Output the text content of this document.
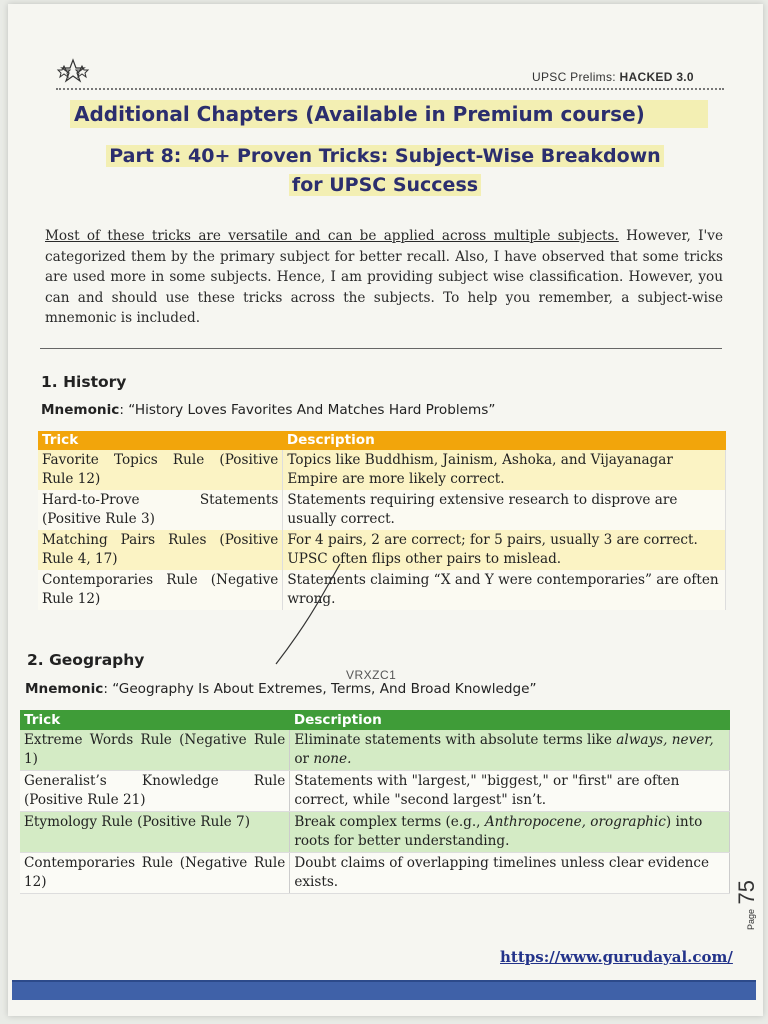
UPSC Prelims: HACKED 3.0
Additional Chapters (Available in Premium course)
Part 8: 40+ Proven Tricks: Subject-Wise Breakdown
for UPSC Success
Most of these tricks are versatile and can be applied across multiple subjects. However, I've categorized them by the primary subject for better recall. Also, I have observed that some tricks are used more in some subjects. Hence, I am providing subject wise classification. However, you can and should use these tricks across the subjects. To help you remember, a subject-wise mnemonic is included.
1. History
Mnemonic: “History Loves Favorites And Matches Hard Problems”
Trick	Description
Favorite Topics Rule (Positive Rule 12)	Topics like Buddhism, Jainism, Ashoka, and Vijayanagar Empire are more likely correct.
Hard-to-Prove Statements (Positive Rule 3)	Statements requiring extensive research to disprove are usually correct.
Matching Pairs Rules (Positive Rule 4, 17)	For 4 pairs, 2 are correct; for 5 pairs, usually 3 are correct. UPSC often flips other pairs to mislead.
Contemporaries Rule (Negative Rule 12)	Statements claiming “X and Y were contemporaries” are often wrong.
2. Geography
VRXZC1
Mnemonic: “Geography Is About Extremes, Terms, And Broad Knowledge”
Trick	Description
Extreme Words Rule (Negative Rule 1)	Eliminate statements with absolute terms like always, never, or none.
Generalist’s Knowledge Rule (Positive Rule 21)	Statements with "largest," "biggest," or "first" are often correct, while "second largest" isn’t.
Etymology Rule (Positive Rule 7)	Break complex terms (e.g., Anthropocene, orographic) into roots for better understanding.
Contemporaries Rule (Negative Rule 12)	Doubt claims of overlapping timelines unless clear evidence exists.
Page 75
https://www.gurudayal.com/
